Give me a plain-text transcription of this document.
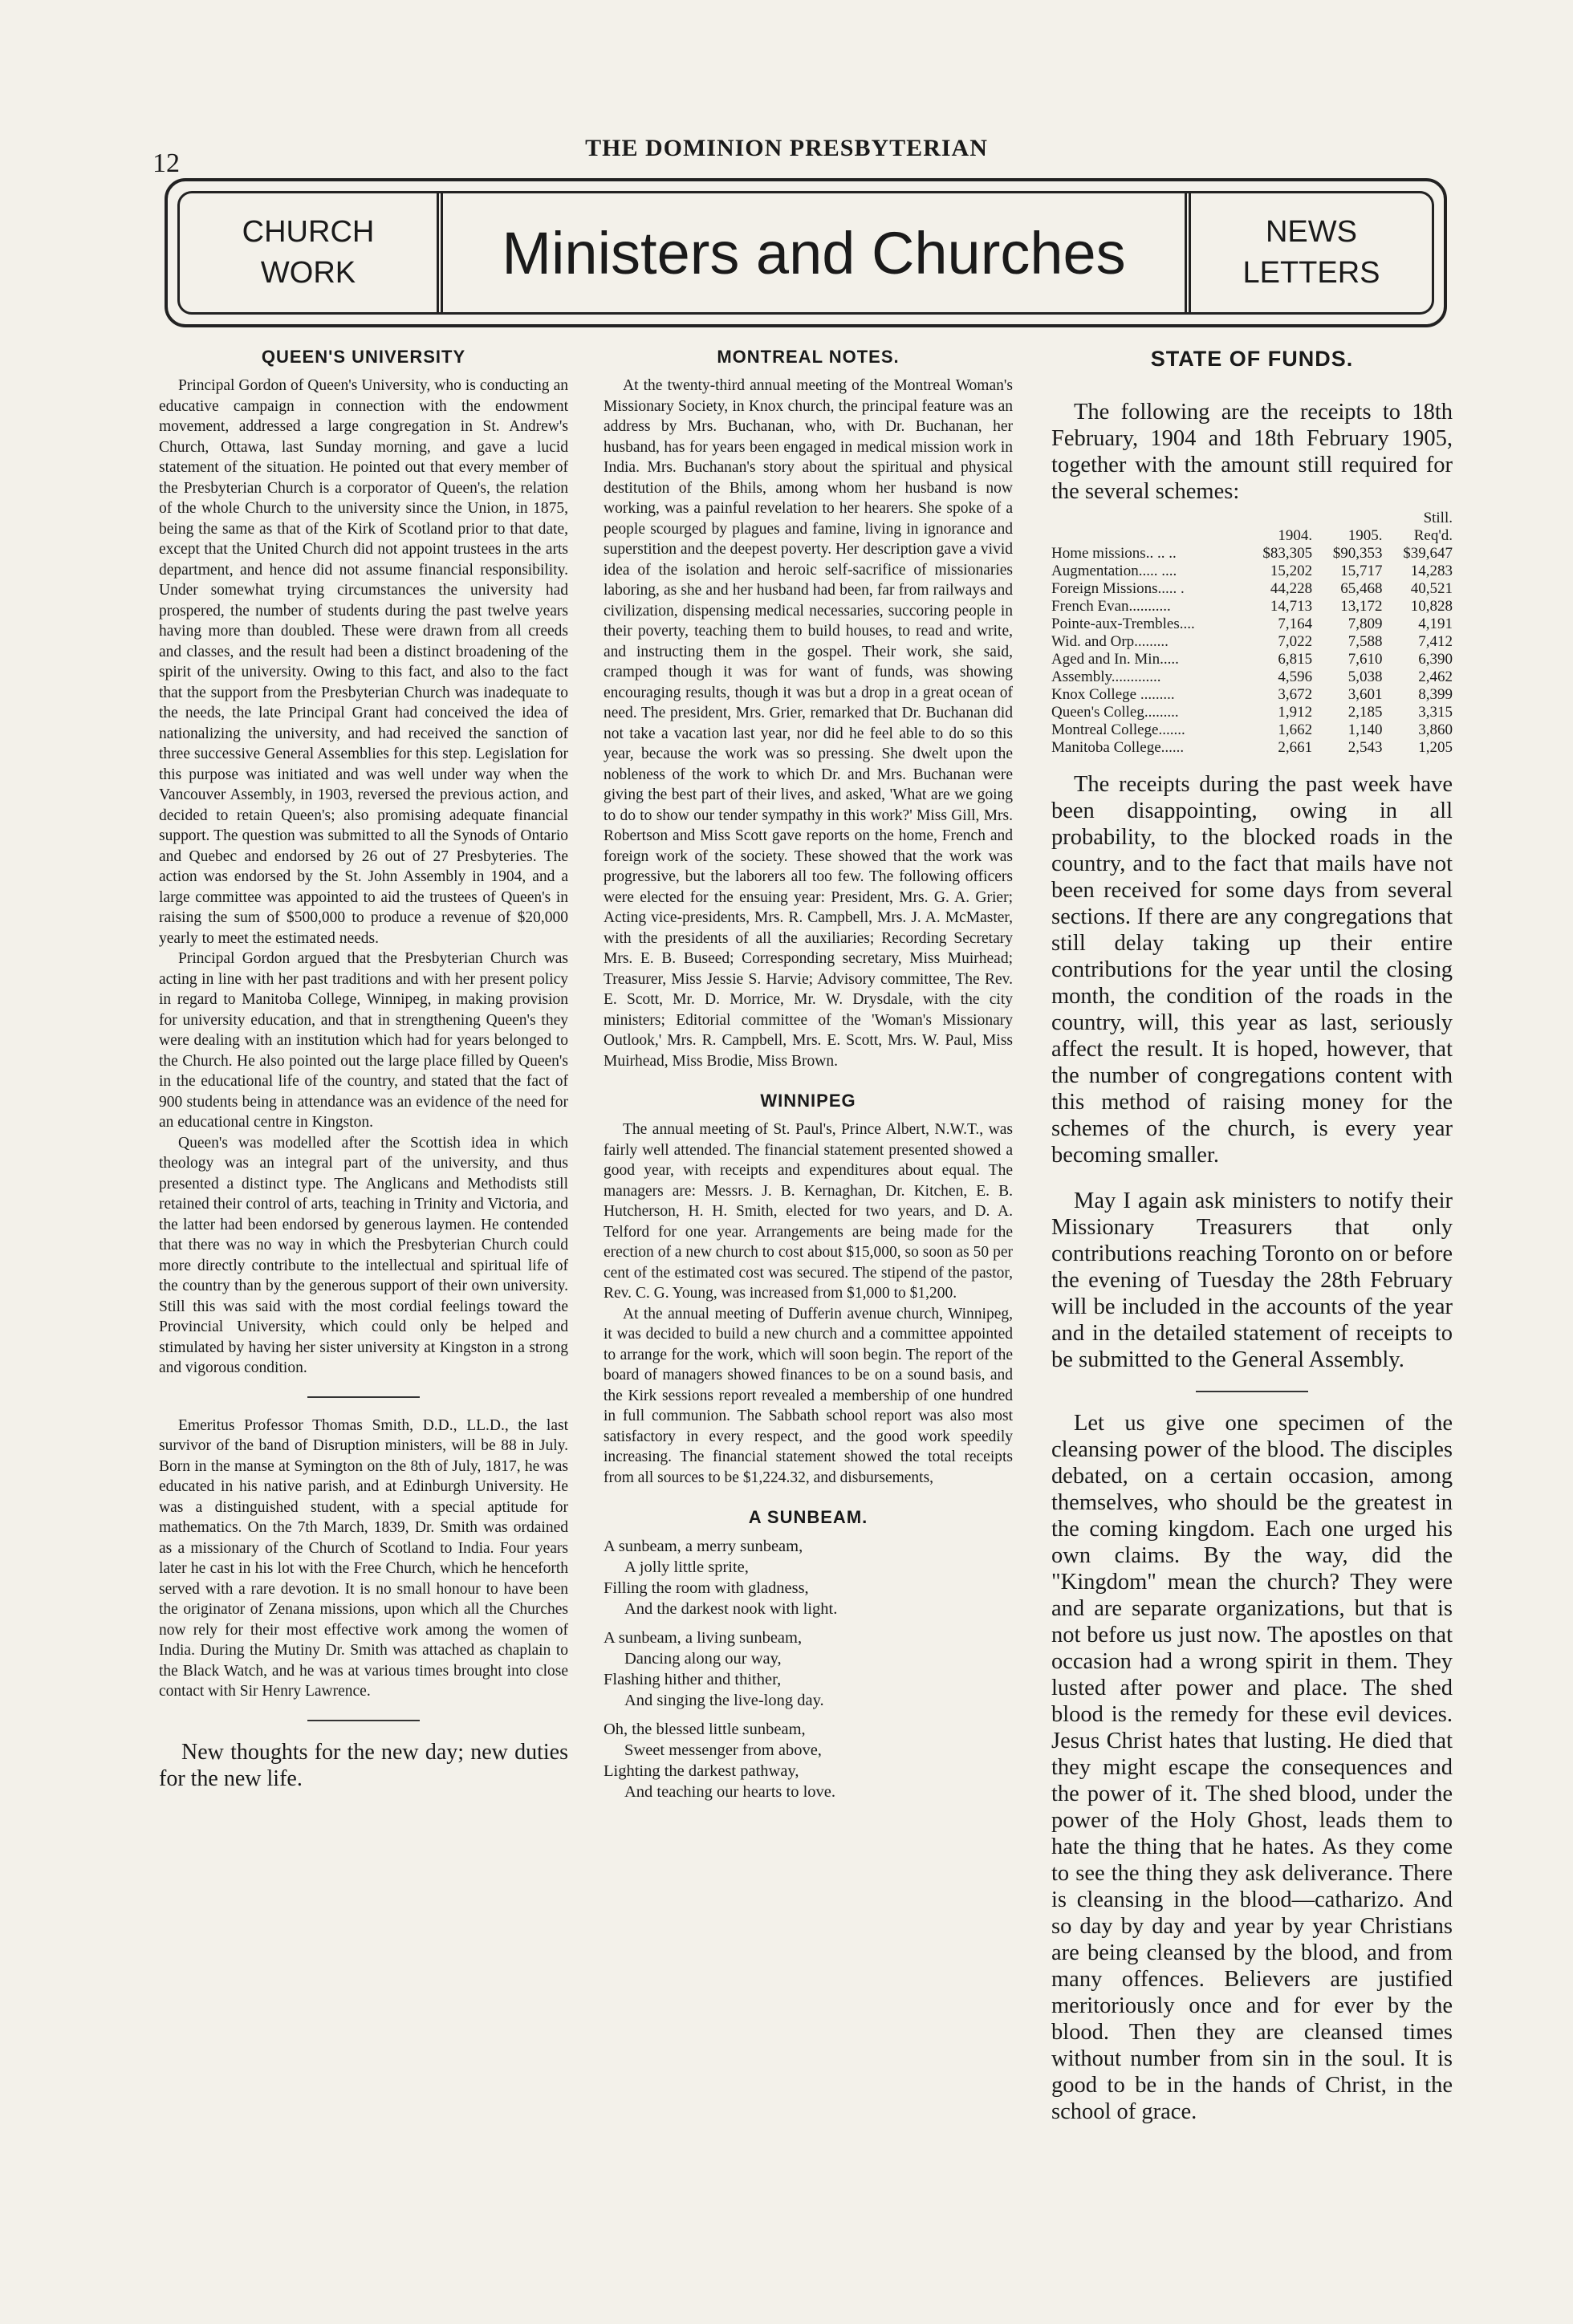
12
THE DOMINION PRESBYTERIAN
CHURCH
WORK	Ministers and Churches	NEWS
LETTERS
QUEEN'S UNIVERSITY

Principal Gordon of Queen's University, who is conducting an educative campaign in connection with the endowment movement, addressed a large congregation in St. Andrew's Church, Ottawa, last Sunday morning, and gave a lucid statement of the situation. He pointed out that every member of the Presbyterian Church is a corporator of Queen's, the relation of the whole Church to the university since the Union, in 1875, being the same as that of the Kirk of Scotland prior to that date, except that the United Church did not appoint trustees in the arts department, and hence did not assume financial responsibility. Under somewhat trying circumstances the university had prospered, the number of students during the past twelve years having more than doubled. These were drawn from all creeds and classes, and the result had been a distinct broadening of the spirit of the university. Owing to this fact, and also to the fact that the support from the Presbyterian Church was inadequate to the needs, the late Principal Grant had conceived the idea of nationalizing the university, and had received the sanction of three successive General Assemblies for this step. Legislation for this purpose was initiated and was well under way when the Vancouver Assembly, in 1903, reversed the previous action, and decided to retain Queen's; also promising adequate financial support. The question was submitted to all the Synods of Ontario and Quebec and endorsed by 26 out of 27 Presbyteries. The action was endorsed by the St. John Assembly in 1904, and a large committee was appointed to aid the trustees of Queen's in raising the sum of $500,000 to produce a revenue of $20,000 yearly to meet the estimated needs.

Principal Gordon argued that the Presbyterian Church was acting in line with her past traditions and with her present policy in regard to Manitoba College, Winnipeg, in making provision for university education, and that in strengthening Queen's they were dealing with an institution which had for years belonged to the Church. He also pointed out the large place filled by Queen's in the educational life of the country, and stated that the fact of 900 students being in attendance was an evidence of the need for an educational centre in Kingston.

Queen's was modelled after the Scottish idea in which theology was an integral part of the university, and thus presented a distinct type. The Anglicans and Methodists still retained their control of arts, teaching in Trinity and Victoria, and the latter had been endorsed by generous laymen. He contended that there was no way in which the Presbyterian Church could more directly contribute to the intellectual and spiritual life of the country than by the generous support of their own university. Still this was said with the most cordial feelings toward the Provincial University, which could only be helped and stimulated by having her sister university at Kingston in a strong and vigorous condition.

Emeritus Professor Thomas Smith, D.D., LL.D., the last survivor of the band of Disruption ministers, will be 88 in July. Born in the manse at Symington on the 8th of July, 1817, he was educated in his native parish, and at Edinburgh University. He was a distinguished student, with a special aptitude for mathematics. On the 7th March, 1839, Dr. Smith was ordained as a missionary of the Church of Scotland to India. Four years later he cast in his lot with the Free Church, which he henceforth served with a rare devotion. It is no small honour to have been the originator of Zenana missions, upon which all the Churches now rely for their most effective work among the women of India. During the Mutiny Dr. Smith was attached as chaplain to the Black Watch, and he was at various times brought into close contact with Sir Henry Lawrence.

New thoughts for the new day; new duties for the new life.

MONTREAL NOTES.

At the twenty-third annual meeting of the Montreal Woman's Missionary Society, in Knox church, the principal feature was an address by Mrs. Buchanan, who, with Dr. Buchanan, her husband, has for years been engaged in medical mission work in India. Mrs. Buchanan's story about the spiritual and physical destitution of the Bhils, among whom her husband is now working, was a painful revelation to her hearers. She spoke of a people scourged by plagues and famine, living in ignorance and superstition and the deepest poverty. Her description gave a vivid idea of the isolation and heroic self-sacrifice of missionaries laboring, as she and her husband had been, far from railways and civilization, dispensing medical necessaries, succoring people in their poverty, teaching them to build houses, to read and write, and instructing them in the gospel. Their work, she said, cramped though it was for want of funds, was showing encouraging results, though it was but a drop in a great ocean of need. The president, Mrs. Grier, remarked that Dr. Buchanan did not take a vacation last year, nor did he feel able to do so this year, because the work was so pressing. She dwelt upon the nobleness of the work to which Dr. and Mrs. Buchanan were giving the best part of their lives, and asked, 'What are we going to do to show our tender sympathy in this work?' Miss Gill, Mrs. Robertson and Miss Scott gave reports on the home, French and foreign work of the society. These showed that the work was progressive, but the laborers all too few. The following officers were elected for the ensuing year: President, Mrs. G. A. Grier; Acting vice-presidents, Mrs. R. Campbell, Mrs. J. A. McMaster, with the presidents of all the auxiliaries; Recording Secretary Mrs. E. B. Buseed; Corresponding secretary, Miss Muirhead; Treasurer, Miss Jessie S. Harvie; Advisory committee, The Rev. E. Scott, Mr. D. Morrice, Mr. W. Drysdale, with the city ministers; Editorial committee of the 'Woman's Missionary Outlook,' Mrs. R. Campbell, Mrs. E. Scott, Mrs. W. Paul, Miss Muirhead, Miss Brodie, Miss Brown.

WINNIPEG

The annual meeting of St. Paul's, Prince Albert, N.W.T., was fairly well attended. The financial statement presented showed a good year, with receipts and expenditures about equal. The managers are: Messrs. J. B. Kernaghan, Dr. Kitchen, E. B. Hutcherson, H. H. Smith, elected for two years, and D. A. Telford for one year. Arrangements are being made for the erection of a new church to cost about $15,000, so soon as 50 per cent of the estimated cost was secured. The stipend of the pastor, Rev. C. G. Young, was increased from $1,000 to $1,200.

At the annual meeting of Dufferin avenue church, Winnipeg, it was decided to build a new church and a committee appointed to arrange for the work, which will soon begin. The report of the board of managers showed finances to be on a sound basis, and the Kirk sessions report revealed a membership of one hundred in full communion. The Sabbath school report was also most satisfactory in every respect, and the good work speedily increasing. The financial statement showed the total receipts from all sources to be $1,224.32, and disbursements,

A SUNBEAM.

A sunbeam, a merry sunbeam,

A jolly little sprite,

Filling the room with gladness,

And the darkest nook with light.

A sunbeam, a living sunbeam,

Dancing along our way,

Flashing hither and thither,

And singing the live-long day.

Oh, the blessed little sunbeam,

Sweet messenger from above,

Lighting the darkest pathway,

And teaching our hearts to love.

STATE OF FUNDS.

The following are the receipts to 18th February, 1904 and 18th February 1905, together with the amount still required for the several schemes:

			Still.
	1904.	1905.	Req'd.
Home missions.. .. ..	$83,305	$90,353	$39,647
Augmentation..... ....	15,202	15,717	14,283
Foreign Missions..... .	44,228	65,468	40,521
French Evan...........	14,713	13,172	10,828
Pointe-aux-Trembles....	7,164	7,809	4,191
Wid. and Orp.........	7,022	7,588	7,412
Aged and In. Min.....	6,815	7,610	6,390
Assembly.............	4,596	5,038	2,462
Knox College .........	3,672	3,601	8,399
Queen's Colleg.........	1,912	2,185	3,315
Montreal College.......	1,662	1,140	3,860
Manitoba College......	2,661	2,543	1,205

The receipts during the past week have been disappointing, owing in all probability, to the blocked roads in the country, and to the fact that mails have not been received for some days from several sections. If there are any congregations that still delay taking up their entire contributions for the year until the closing month, the condition of the roads in the country, will, this year as last, seriously affect the result. It is hoped, however, that the number of congregations content with this method of raising money for the schemes of the church, is every year becoming smaller.

May I again ask ministers to notify their Missionary Treasurers that only contributions reaching Toronto on or before the evening of Tuesday the 28th February will be included in the accounts of the year and in the detailed statement of receipts to be submitted to the General Assembly.

Let us give one specimen of the cleansing power of the blood. The disciples debated, on a certain occasion, among themselves, who should be the greatest in the coming kingdom. Each one urged his own claims. By the way, did the "Kingdom" mean the church? They were and are separate organizations, but that is not before us just now. The apostles on that occasion had a wrong spirit in them. They lusted after power and place. The shed blood is the remedy for these evil devices. Jesus Christ hates that lusting. He died that they might escape the consequences and the power of it. The shed blood, under the power of the Holy Ghost, leads them to hate the thing that he hates. As they come to see the thing they ask deliverance. There is cleansing in the blood—catharizo. And so day by day and year by year Christians are being cleansed by the blood, and from many offences. Believers are justified meritoriously once and for ever by the blood. Then they are cleansed times without number from sin in the soul. It is good to be in the hands of Christ, in the school of grace.
